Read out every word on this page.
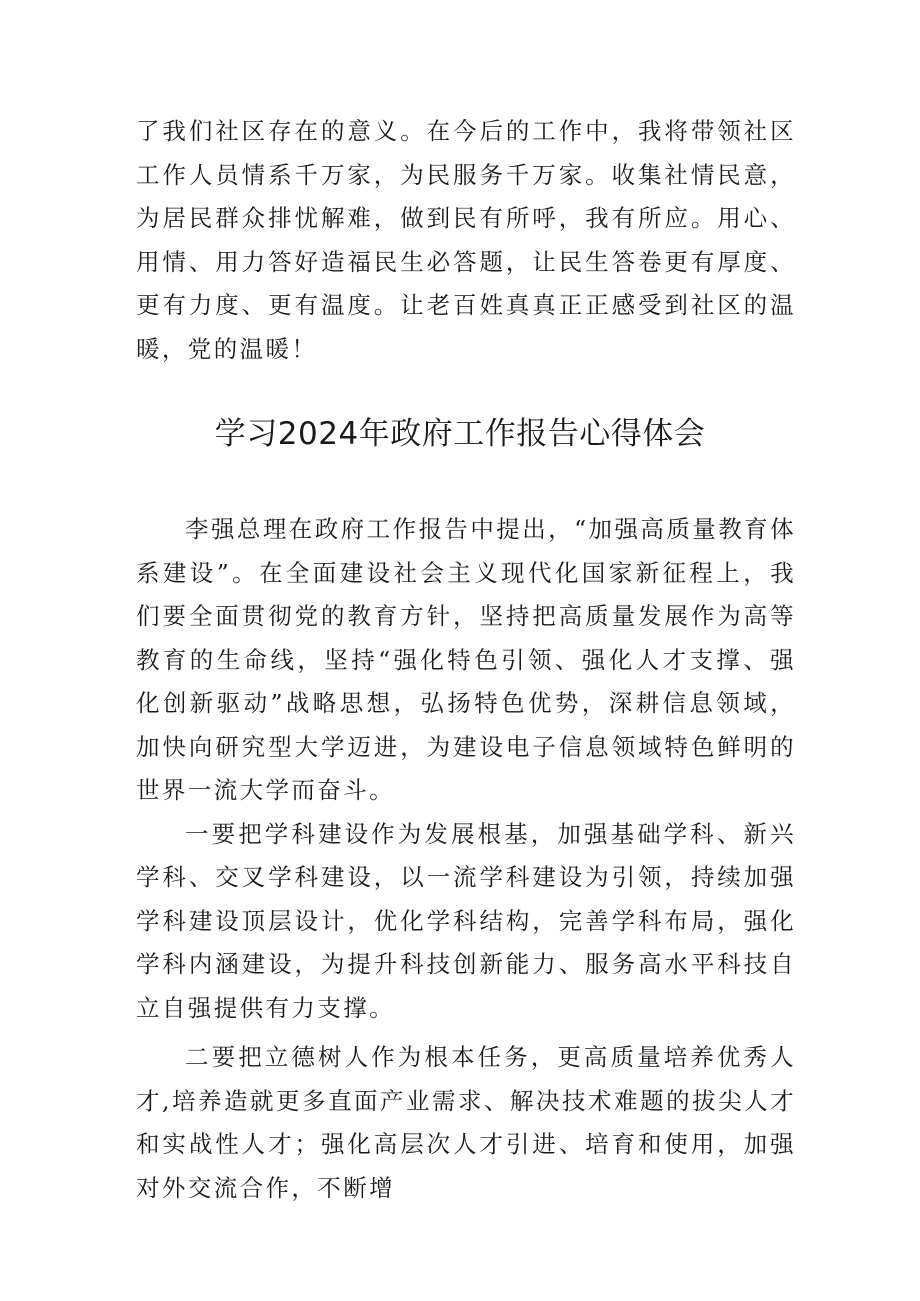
了我们社区存在的意义。在今后的工作中，我将带领社区工作人员情系千万家，为民服务千万家。收集社情民意，为居民群众排忧解难，做到民有所呼，我有所应。用心、用情、用力答好造福民生必答题，让民生答卷更有厚度、更有力度、更有温度。让老百姓真真正正感受到社区的温暖，党的温暖！

学习2024年政府工作报告心得体会

李强总理在政府工作报告中提出，“加强高质量教育体系建设”。在全面建设社会主义现代化国家新征程上，我们要全面贯彻党的教育方针，坚持把高质量发展作为高等教育的生命线，坚持“强化特色引领、强化人才支撑、强化创新驱动”战略思想，弘扬特色优势，深耕信息领域，加快向研究型大学迈进，为建设电子信息领域特色鲜明的世界一流大学而奋斗。

一要把学科建设作为发展根基，加强基础学科、新兴学科、交叉学科建设，以一流学科建设为引领，持续加强学科建设顶层设计，优化学科结构，完善学科布局，强化学科内涵建设，为提升科技创新能力、服务高水平科技自立自强提供有力支撑。

二要把立德树人作为根本任务，更高质量培养优秀人才,培养造就更多直面产业需求、解决技术难题的拔尖人才和实战性人才；强化高层次人才引进、培育和使用，加强对外交流合作，不断增
